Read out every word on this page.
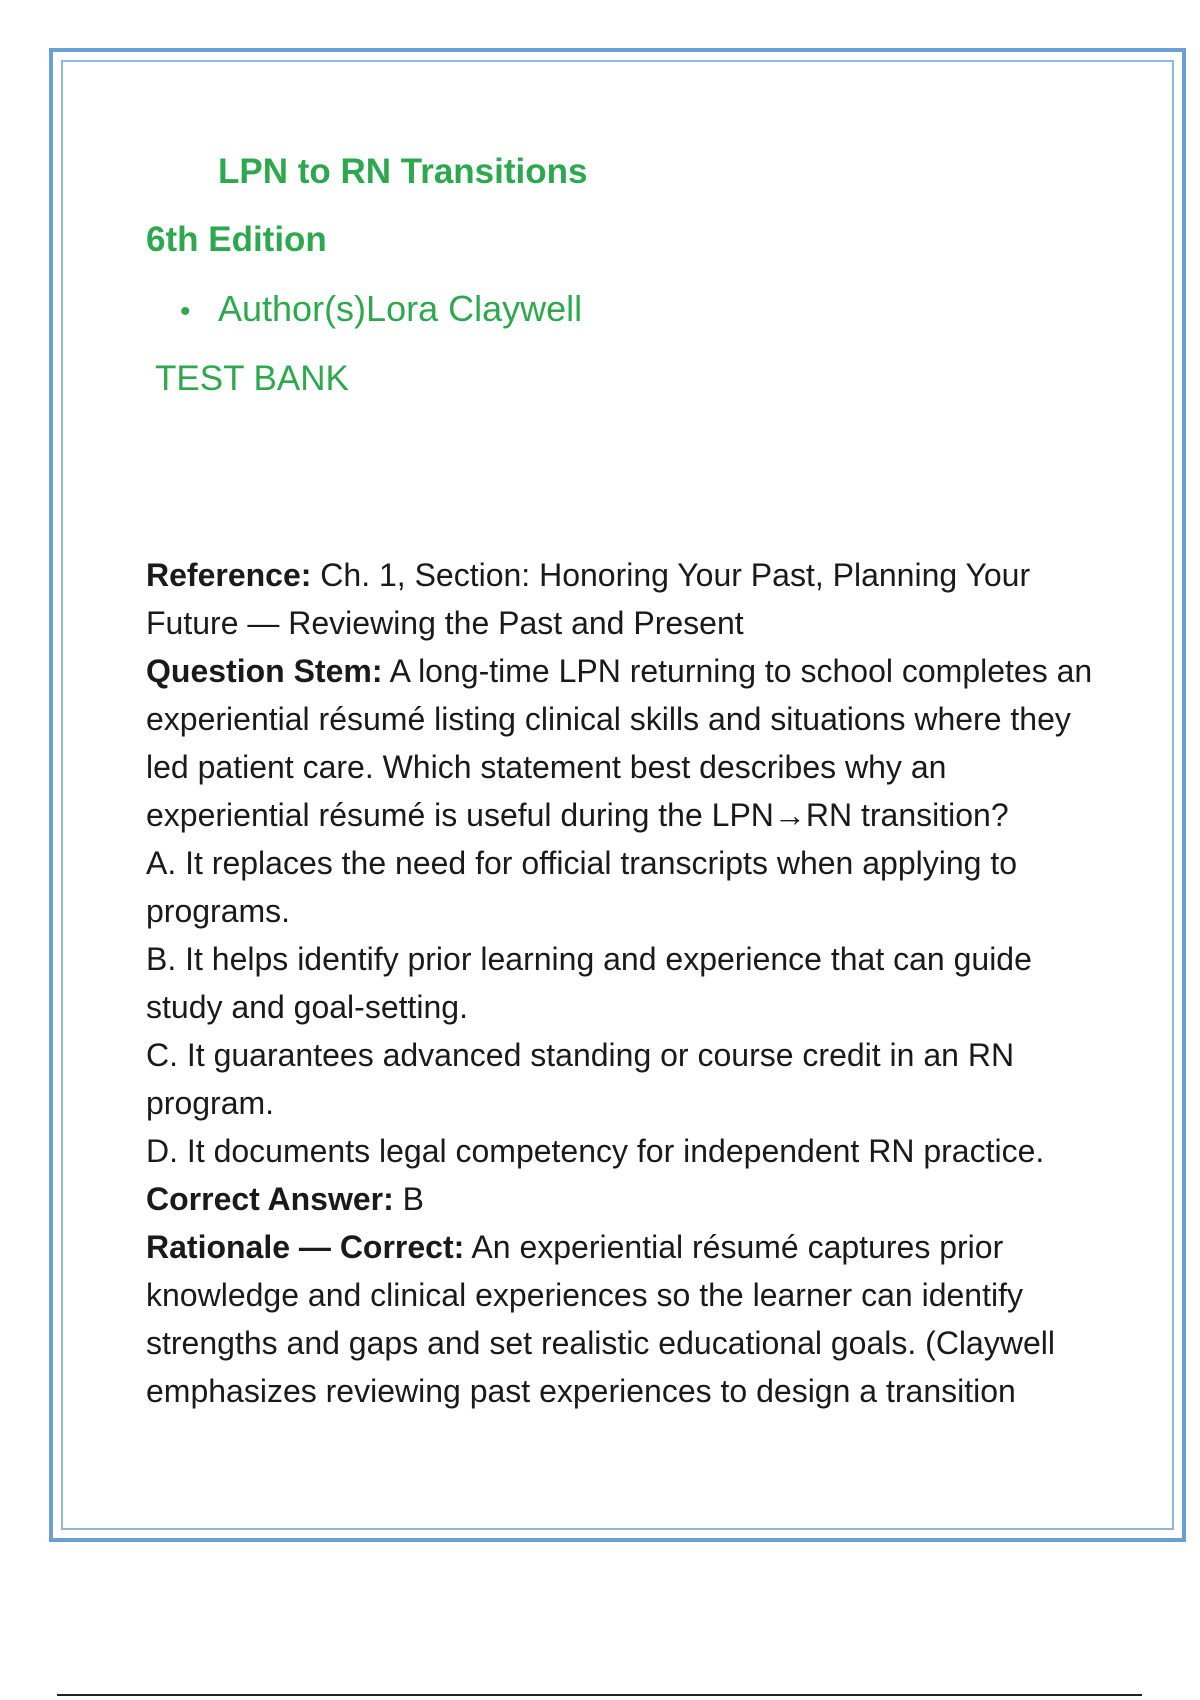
LPN to RN Transitions
6th Edition
• Author(s)Lora Claywell
TEST BANK

Reference: Ch. 1, Section: Honoring Your Past, Planning Your Future — Reviewing the Past and Present

Question Stem: A long-time LPN returning to school completes an experiential résumé listing clinical skills and situations where they led patient care. Which statement best describes why an experiential résumé is useful during the LPN→RN transition?

A. It replaces the need for official transcripts when applying to programs.

B. It helps identify prior learning and experience that can guide study and goal-setting.

C. It guarantees advanced standing or course credit in an RN program.

D. It documents legal competency for independent RN practice.

Correct Answer: B

Rationale — Correct: An experiential résumé captures prior knowledge and clinical experiences so the learner can identify strengths and gaps and set realistic educational goals. (Claywell emphasizes reviewing past experiences to design a transition
